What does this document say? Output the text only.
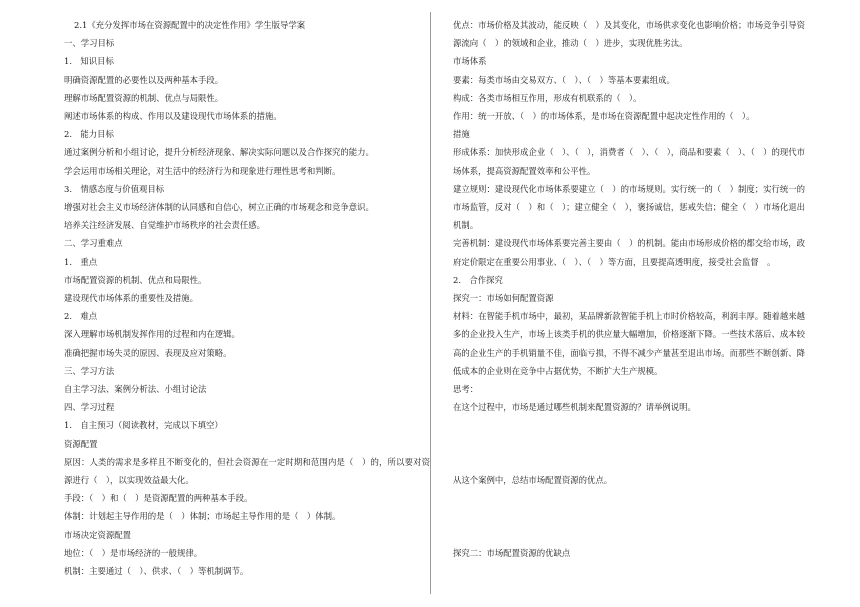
2.1《充分发挥市场在资源配置中的决定性作用》学生版导学案
一、学习目标
1.　知识目标
明确资源配置的必要性以及两种基本手段。
理解市场配置资源的机制、优点与局限性。
阐述市场体系的构成、作用以及建设现代市场体系的措施。
2.　能力目标
通过案例分析和小组讨论，提升分析经济现象、解决实际问题以及合作探究的能力。
学会运用市场相关理论，对生活中的经济行为和现象进行理性思考和判断。
3.　情感态度与价值观目标
增强对社会主义市场经济体制的认同感和自信心，树立正确的市场观念和竞争意识。
培养关注经济发展、自觉维护市场秩序的社会责任感。
二、学习重难点
1.　重点
市场配置资源的机制、优点和局限性。
建设现代市场体系的重要性及措施。
2.　难点
深入理解市场机制发挥作用的过程和内在逻辑。
准确把握市场失灵的原因、表现及应对策略。
三、学习方法
自主学习法、案例分析法、小组讨论法
四、学习过程
1.　自主预习（阅读教材，完成以下填空）
资源配置
原因：人类的需求是多样且不断变化的，但社会资源在一定时期和范围内是（　）的，所以要对资源进行（　），以实现效益最大化。
手段：（　）和（　）是资源配置的两种基本手段。
体制：计划起主导作用的是（　）体制；市场起主导作用的是（　）体制。
市场决定资源配置
地位：（　）是市场经济的一般规律。
机制：主要通过（　）、供求、（　）等机制调节。
优点：市场价格及其波动，能反映（　）及其变化，市场供求变化也影响价格；市场竞争引导资源流向（　）的领域和企业，推动（　）进步，实现优胜劣汰。
市场体系
要素：每类市场由交易双方、（　）、（　）等基本要素组成。
构成：各类市场相互作用，形成有机联系的（　）。
作用：统一开放、（　）的市场体系，是市场在资源配置中起决定性作用的（　）。
措施
形成体系：加快形成企业（　）、（　），消费者（　）、（　），商品和要素（　）、（　）的现代市场体系，提高资源配置效率和公平性。
建立规则：建设现代化市场体系要建立（　）的市场规则。实行统一的（　）制度；实行统一的市场监管，反对（　）和（　）；建立健全（　），褒扬诚信，惩戒失信；健全（　）市场化退出机制。
完善机制：建设现代市场体系要完善主要由（　）的机制。能由市场形成价格的都交给市场，政府定价限定在重要公用事业、（　）、（　）等方面，且要提高透明度，接受社会监督　。
2.　合作探究
探究一：市场如何配置资源
材料：在智能手机市场中，最初，某品牌新款智能手机上市时价格较高，利润丰厚。随着越来越多的企业投入生产，市场上该类手机的供应量大幅增加，价格逐渐下降。一些技术落后、成本较高的企业生产的手机销量不佳，面临亏损，不得不减少产量甚至退出市场。而那些不断创新、降低成本的企业则在竞争中占据优势，不断扩大生产规模。
思考：
在这个过程中，市场是通过哪些机制来配置资源的？请举例说明。
从这个案例中，总结市场配置资源的优点。
探究二：市场配置资源的优缺点
